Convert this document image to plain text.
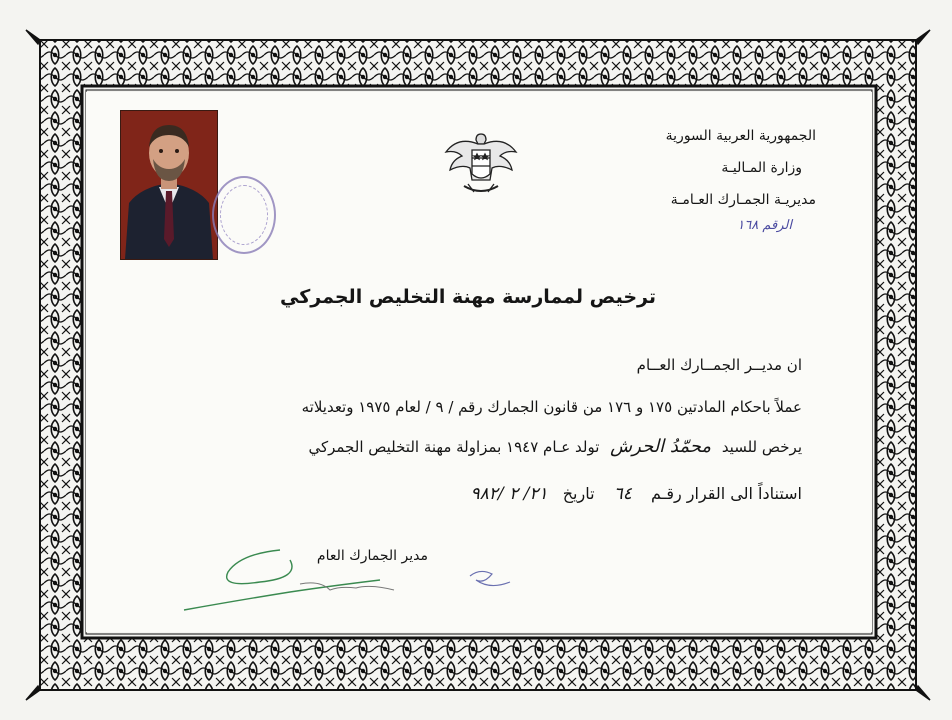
الجمهورية العربية السورية
وزارة المـاليـة
مديريـة الجمـارك العـامـة
الرقم ١٦٨
ترخيص لممارسة مهنة التخليص الجمركي
ان مديــر الجمــارك العــام
عملاً باحكام المادتين ١٧٥ و ١٧٦ من قانون الجمارك رقم / ٩ / لعام ١٩٧٥ وتعديلاته
يرخص للسيد محمّدُ الحرش تولد عـام ١٩٤٧ بمزاولة مهنة التخليص الجمركي
استناداً الى القرار رقـم ٦٤ تاريخ ٢١/ ٢ /٩٨٢
مدير الجمارك العام
